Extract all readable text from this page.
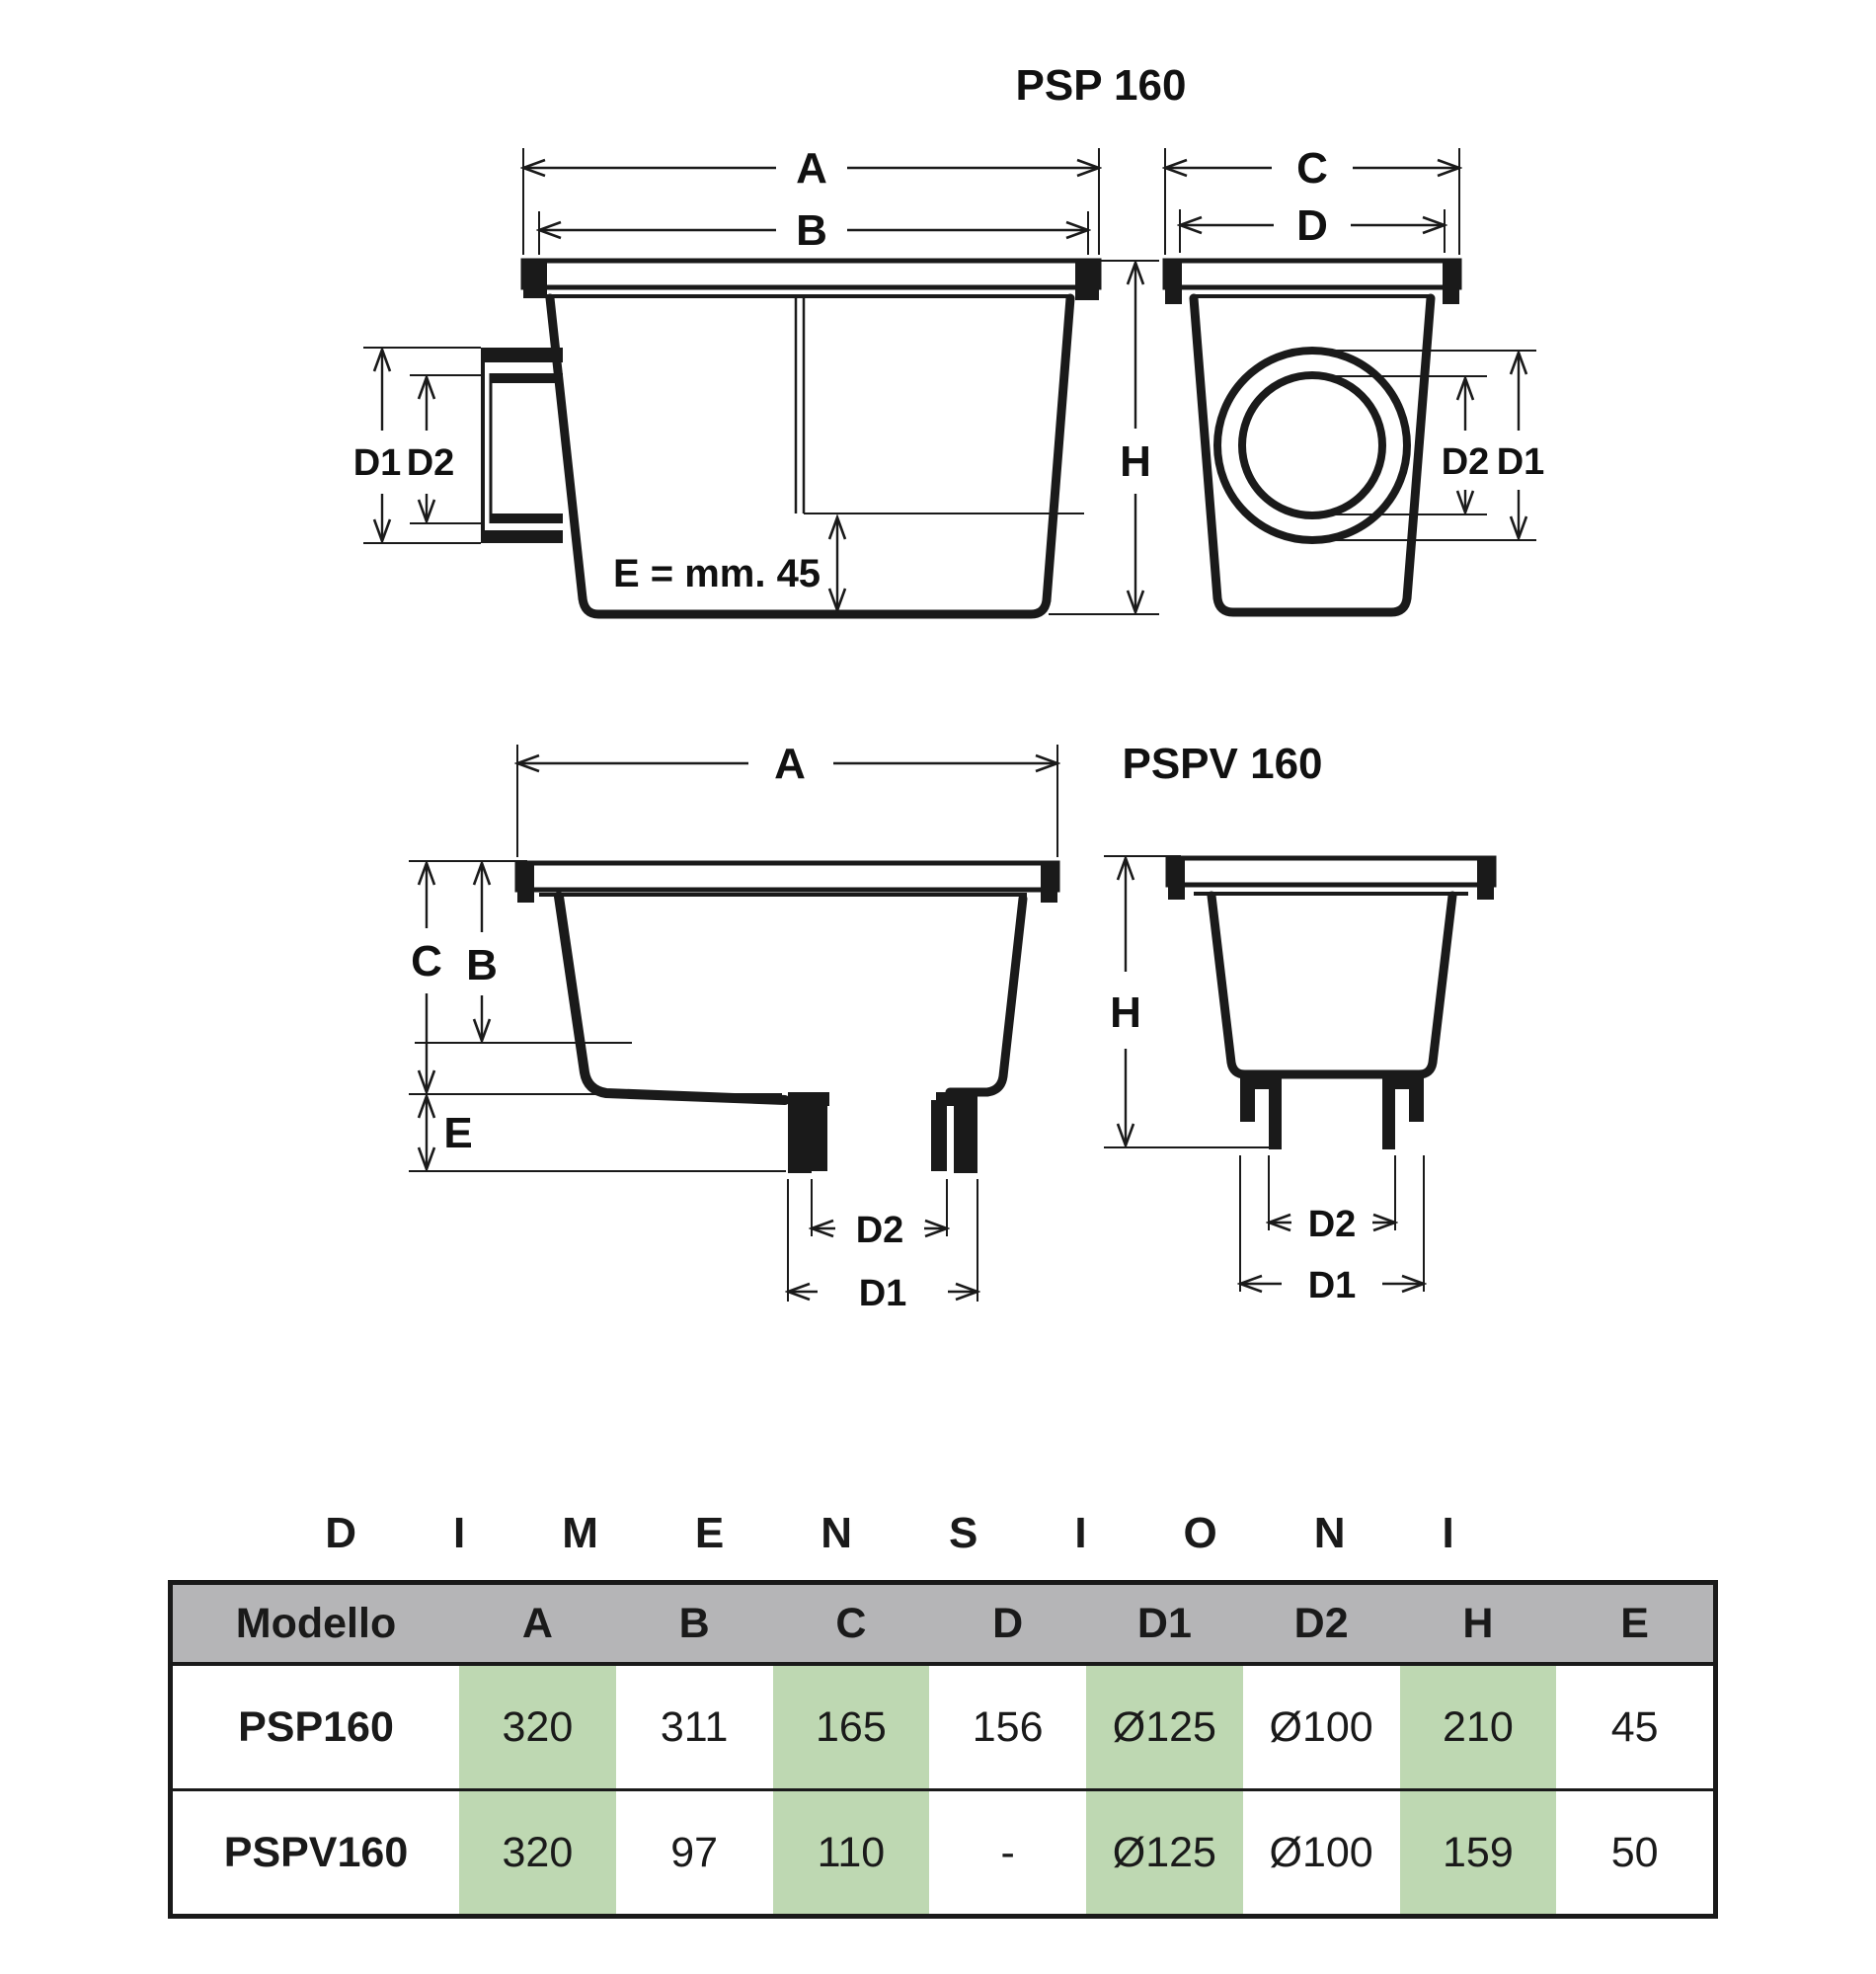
A
B
D1 D2
E = mm. 45
H
C
D
D2 D1
PSP 160
A
C B
E
D2
D1
PSPV 160
H
D2
D1
DIMENSIONI
Modello	A	B	C	D	D1	D2	H	E
PSP160	320	311	165	156	Ø125	Ø100	210	45
PSPV160	320	97	110	-	Ø125	Ø100	159	50
